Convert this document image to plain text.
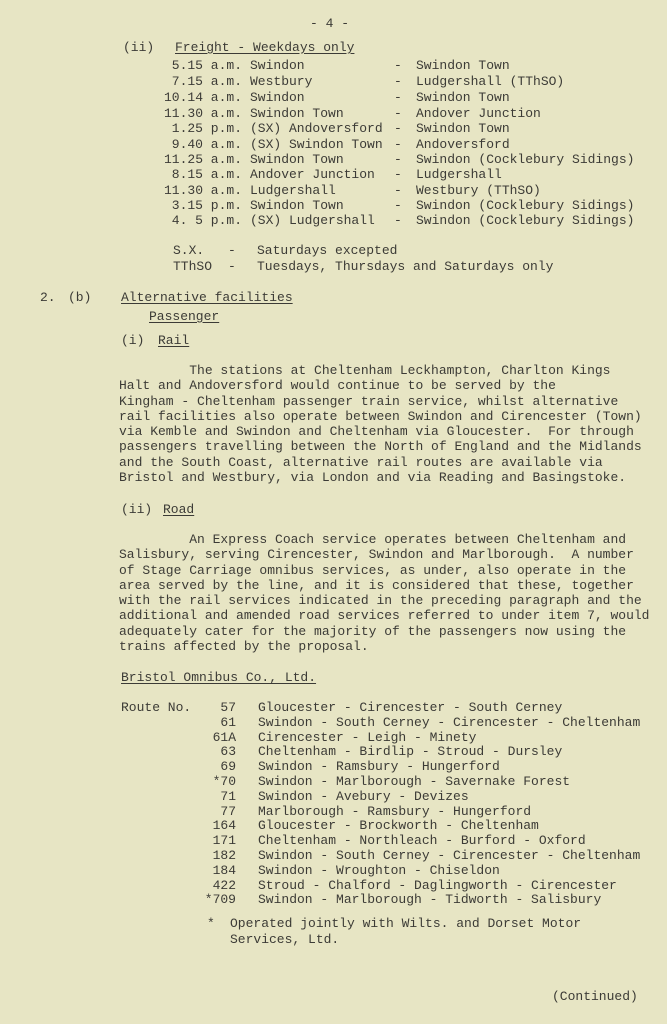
- 4 -
(ii) Freight - Weekdays only
5.15 a.m. Swindon	- Swindon Town
7.15 a.m. Westbury	- Ludgershall (TThSO)
10.14 a.m. Swindon	- Swindon Town
11.30 a.m. Swindon Town	- Andover Junction
1.25 p.m. (SX) Andoversford - Swindon Town
9.40 a.m. (SX) Swindon Town - Andoversford
11.25 a.m. Swindon Town	- Swindon (Cocklebury Sidings)
8.15 a.m. Andover Junction - Ludgershall
11.30 a.m. Ludgershall	- Westbury (TThSO)
3.15 p.m. Swindon Town	- Swindon (Cocklebury Sidings)
4. 5 p.m. (SX) Ludgershall - Swindon (Cocklebury Sidings)
S.X. - Saturdays excepted
TThSO - Tuesdays, Thursdays and Saturdays only
2. (b) Alternative facilities
Passenger
(i) Rail
The stations at Cheltenham Leckhampton, Charlton Kings
Halt and Andoversford would continue to be served by the
Kingham - Cheltenham passenger train service, whilst alternative
rail facilities also operate between Swindon and Cirencester (Town)
via Kemble and Swindon and Cheltenham via Gloucester.  For through
passengers travelling between the North of England and the Midlands
and the South Coast, alternative rail routes are available via
Bristol and Westbury, via London and via Reading and Basingstoke.
(ii) Road
An Express Coach service operates between Cheltenham and
Salisbury, serving Cirencester, Swindon and Marlborough.  A number
of Stage Carriage omnibus services, as under, also operate in the
area served by the line, and it is considered that these, together
with the rail services indicated in the preceding paragraph and the
additional and amended road services referred to under item 7, would
adequately cater for the majority of the passengers now using the
trains affected by the proposal.
Bristol Omnibus Co., Ltd.
Route No. 57 Gloucester - Cirencester - South Cerney
61 Swindon - South Cerney - Cirencester - Cheltenham
61A Cirencester - Leigh - Minety
63 Cheltenham - Birdlip - Stroud - Dursley
69 Swindon - Ramsbury - Hungerford
*70 Swindon - Marlborough - Savernake Forest
71 Swindon - Avebury - Devizes
77 Marlborough - Ramsbury - Hungerford
164 Gloucester - Brockworth - Cheltenham
171 Cheltenham - Northleach - Burford - Oxford
182 Swindon - South Cerney - Cirencester - Cheltenham
184 Swindon - Wroughton - Chiseldon
422 Stroud - Chalford - Daglingworth - Cirencester
*709 Swindon - Marlborough - Tidworth - Salisbury
* Operated jointly with Wilts. and Dorset Motor
Services, Ltd.
(Continued)
